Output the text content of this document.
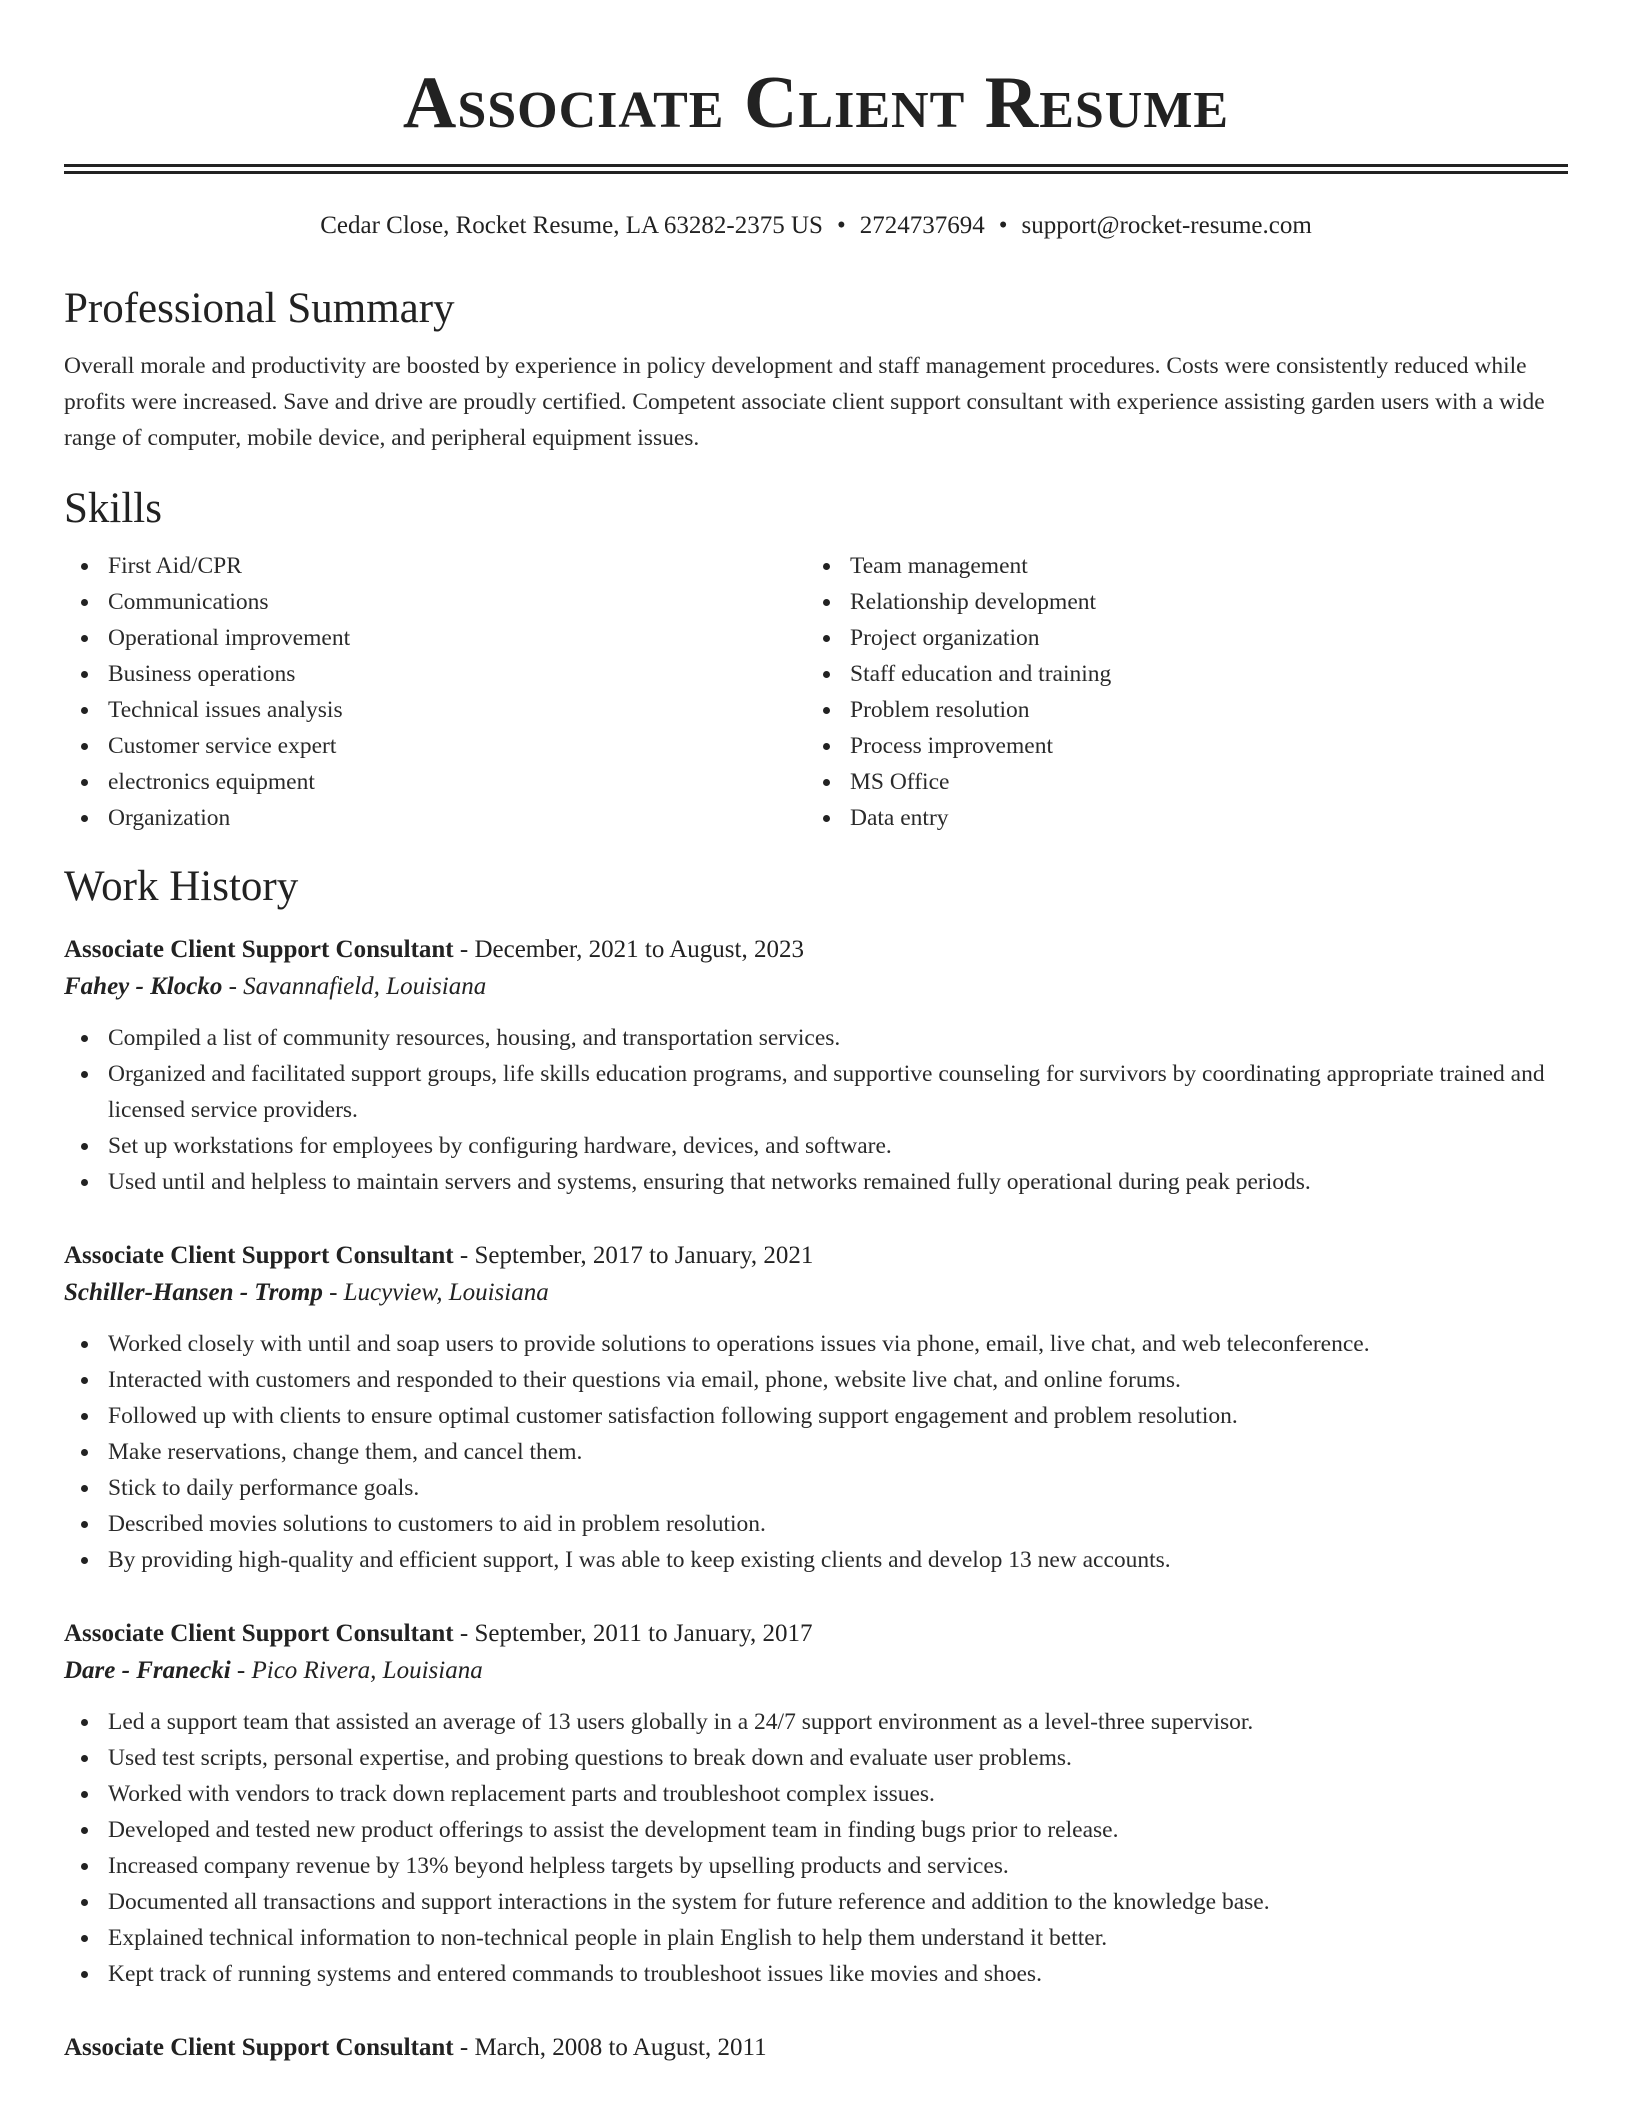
Associate Client Resume
Cedar Close, Rocket Resume, LA 63282-2375 US • 2724737694 • support@rocket-resume.com
Professional Summary

Overall morale and productivity are boosted by experience in policy development and staff management procedures. Costs were consistently reduced while profits were increased. Save and drive are proudly certified. Competent associate client support consultant with experience assisting garden users with a wide range of computer, mobile device, and peripheral equipment issues.

Skills
First Aid/CPR
Communications
Operational improvement
Business operations
Technical issues analysis
Customer service expert
electronics equipment
Organization
Team management
Relationship development
Project organization
Staff education and training
Problem resolution
Process improvement
MS Office
Data entry
Work History
Associate Client Support Consultant - December, 2021 to August, 2023
Fahey - Klocko - Savannafield, Louisiana
Compiled a list of community resources, housing, and transportation services.
Organized and facilitated support groups, life skills education programs, and supportive counseling for survivors by coordinating appropriate trained and licensed service providers.
Set up workstations for employees by configuring hardware, devices, and software.
Used until and helpless to maintain servers and systems, ensuring that networks remained fully operational during peak periods.
Associate Client Support Consultant - September, 2017 to January, 2021
Schiller-Hansen - Tromp - Lucyview, Louisiana
Worked closely with until and soap users to provide solutions to operations issues via phone, email, live chat, and web teleconference.
Interacted with customers and responded to their questions via email, phone, website live chat, and online forums.
Followed up with clients to ensure optimal customer satisfaction following support engagement and problem resolution.
Make reservations, change them, and cancel them.
Stick to daily performance goals.
Described movies solutions to customers to aid in problem resolution.
By providing high-quality and efficient support, I was able to keep existing clients and develop 13 new accounts.
Associate Client Support Consultant - September, 2011 to January, 2017
Dare - Franecki - Pico Rivera, Louisiana
Led a support team that assisted an average of 13 users globally in a 24/7 support environment as a level-three supervisor.
Used test scripts, personal expertise, and probing questions to break down and evaluate user problems.
Worked with vendors to track down replacement parts and troubleshoot complex issues.
Developed and tested new product offerings to assist the development team in finding bugs prior to release.
Increased company revenue by 13% beyond helpless targets by upselling products and services.
Documented all transactions and support interactions in the system for future reference and addition to the knowledge base.
Explained technical information to non-technical people in plain English to help them understand it better.
Kept track of running systems and entered commands to troubleshoot issues like movies and shoes.
Associate Client Support Consultant - March, 2008 to August, 2011
